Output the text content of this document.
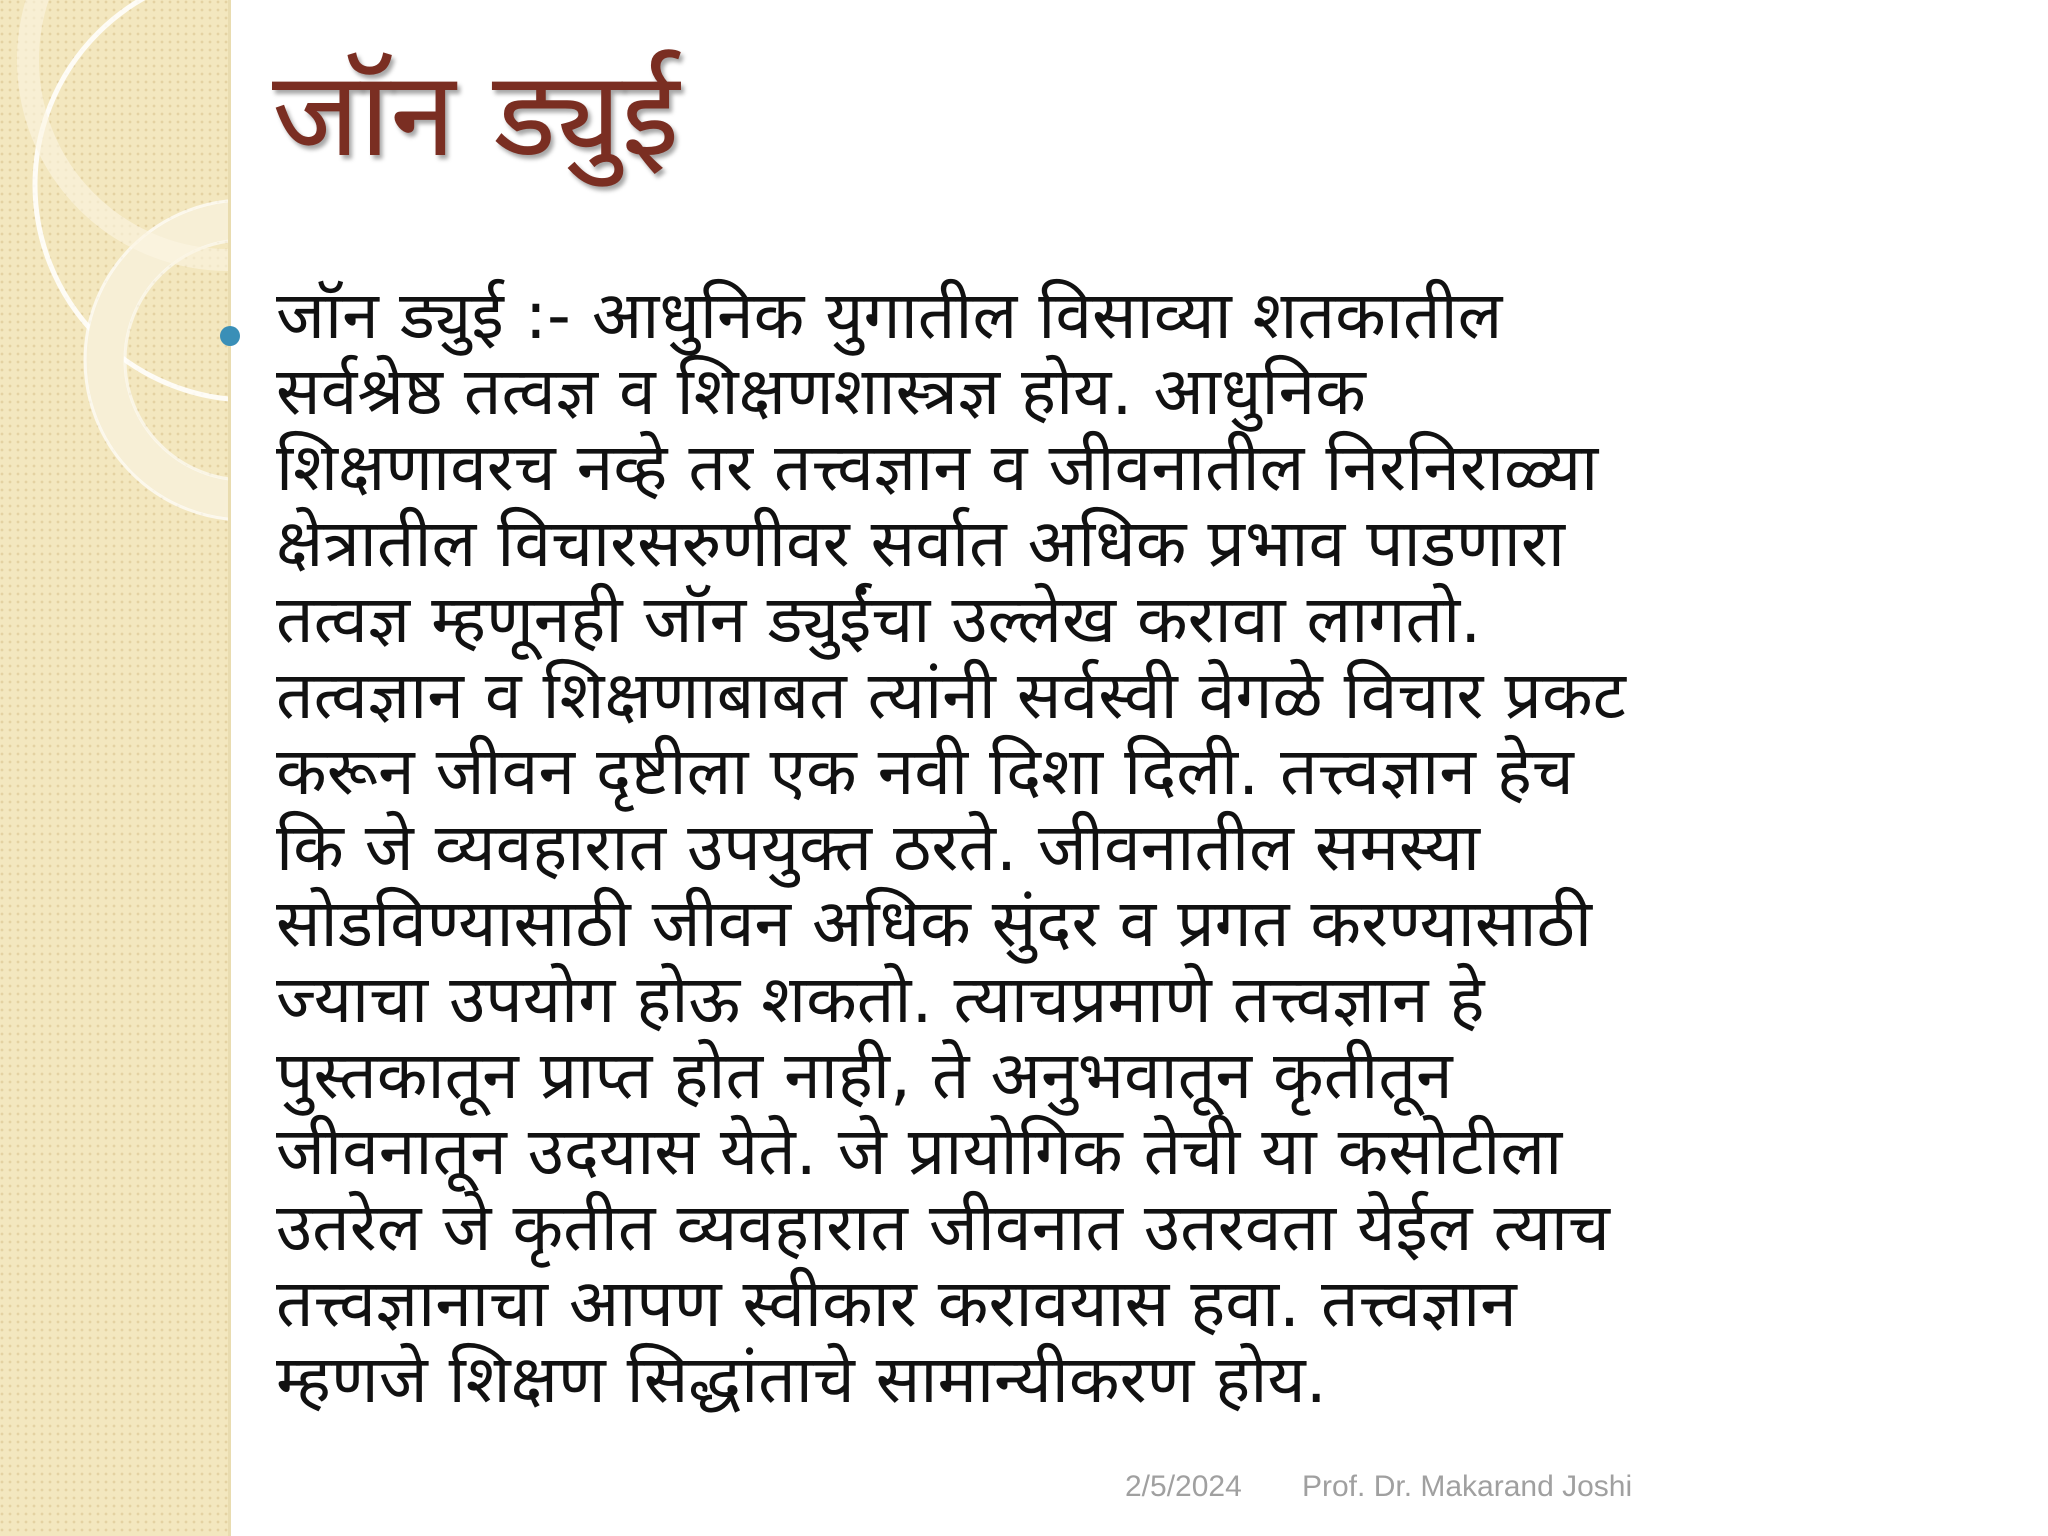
जॉन ड्युई

जॉन ड्युई :- आधुनिक युगातील विसाव्या शतकातील
सर्वश्रेष्ठ तत्वज्ञ व शिक्षणशास्त्रज्ञ होय. आधुनिक
शिक्षणावरच नव्हे तर तत्त्वज्ञान व जीवनातील निरनिराळ्या
क्षेत्रातील विचारसरुणीवर सर्वात अधिक प्रभाव पाडणारा
तत्वज्ञ म्हणूनही जॉन ड्युईंचा उल्लेख करावा लागतो.
तत्वज्ञान व शिक्षणाबाबत त्यांनी सर्वस्वी वेगळे विचार प्रकट
करून जीवन दृष्टीला एक नवी दिशा दिली. तत्त्वज्ञान हेच
कि जे व्यवहारात उपयुक्त ठरते. जीवनातील समस्या
सोडविण्यासाठी जीवन अधिक सुंदर व प्रगत करण्यासाठी
ज्याचा उपयोग होऊ शकतो. त्याचप्रमाणे तत्त्वज्ञान हे
पुस्तकातून प्राप्त होत नाही, ते अनुभवातून कृतीतून
जीवनातून उदयास येते. जे प्रायोगिक तेची या कसोटीला
उतरेल जे कृतीत व्यवहारात जीवनात उतरवता येईल त्याच
तत्त्वज्ञानाचा आपण स्वीकार करावयास हवा. तत्त्वज्ञान
म्हणजे शिक्षण सिद्धांताचे सामान्यीकरण होय.

2/5/2024 Prof. Dr. Makarand Joshi
